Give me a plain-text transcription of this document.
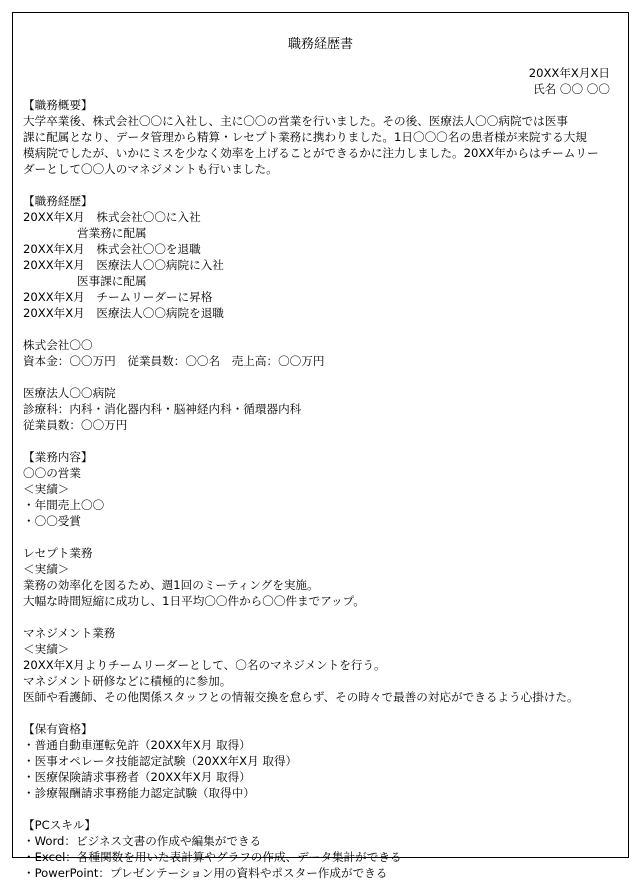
職務経歴書
20XX年X月X日
氏名 〇〇 〇〇
【職務概要】
大学卒業後、株式会社〇〇に入社し、主に〇〇の営業を行いました。その後、医療法人〇〇病院では医事
課に配属となり、データ管理から精算・レセプト業務に携わりました。1日〇〇〇名の患者様が来院する大規
模病院でしたが、いかにミスを少なく効率を上げることができるかに注力しました。20XX年からはチームリー
ダーとして〇〇人のマネジメントも行いました。
【職務経歴】
20XX年X月　株式会社〇〇に入社
営業務に配属
20XX年X月　株式会社〇〇を退職
20XX年X月　医療法人〇〇病院に入社
医事課に配属
20XX年X月　チームリーダーに昇格
20XX年X月　医療法人〇〇病院を退職
株式会社〇〇
資本金：〇〇万円　従業員数：〇〇名　売上高：〇〇万円
医療法人〇〇病院
診療科：内科・消化器内科・脳神経内科・循環器内科
従業員数：〇〇万円
【業務内容】
〇〇の営業
＜実績＞
・年間売上〇〇
・〇〇受賞
レセプト業務
＜実績＞
業務の効率化を図るため、週1回のミーティングを実施。
大幅な時間短縮に成功し、1日平均〇〇件から〇〇件までアップ。
マネジメント業務
＜実績＞
20XX年X月よりチームリーダーとして、〇名のマネジメントを行う。
マネジメント研修などに積極的に参加。
医師や看護師、その他関係スタッフとの情報交換を怠らず、その時々で最善の対応ができるよう心掛けた。
【保有資格】
・普通自動車運転免許（20XX年X月 取得）
・医事オペレータ技能認定試験（20XX年X月 取得）
・医療保険請求事務者（20XX年X月 取得）
・診療報酬請求事務能力認定試験（取得中）
【PCスキル】
・Word：ビジネス文書の作成や編集ができる
・Excel：各種関数を用いた表計算やグラフの作成、データ集計ができる
・PowerPoint：プレゼンテーション用の資料やポスター作成ができる
